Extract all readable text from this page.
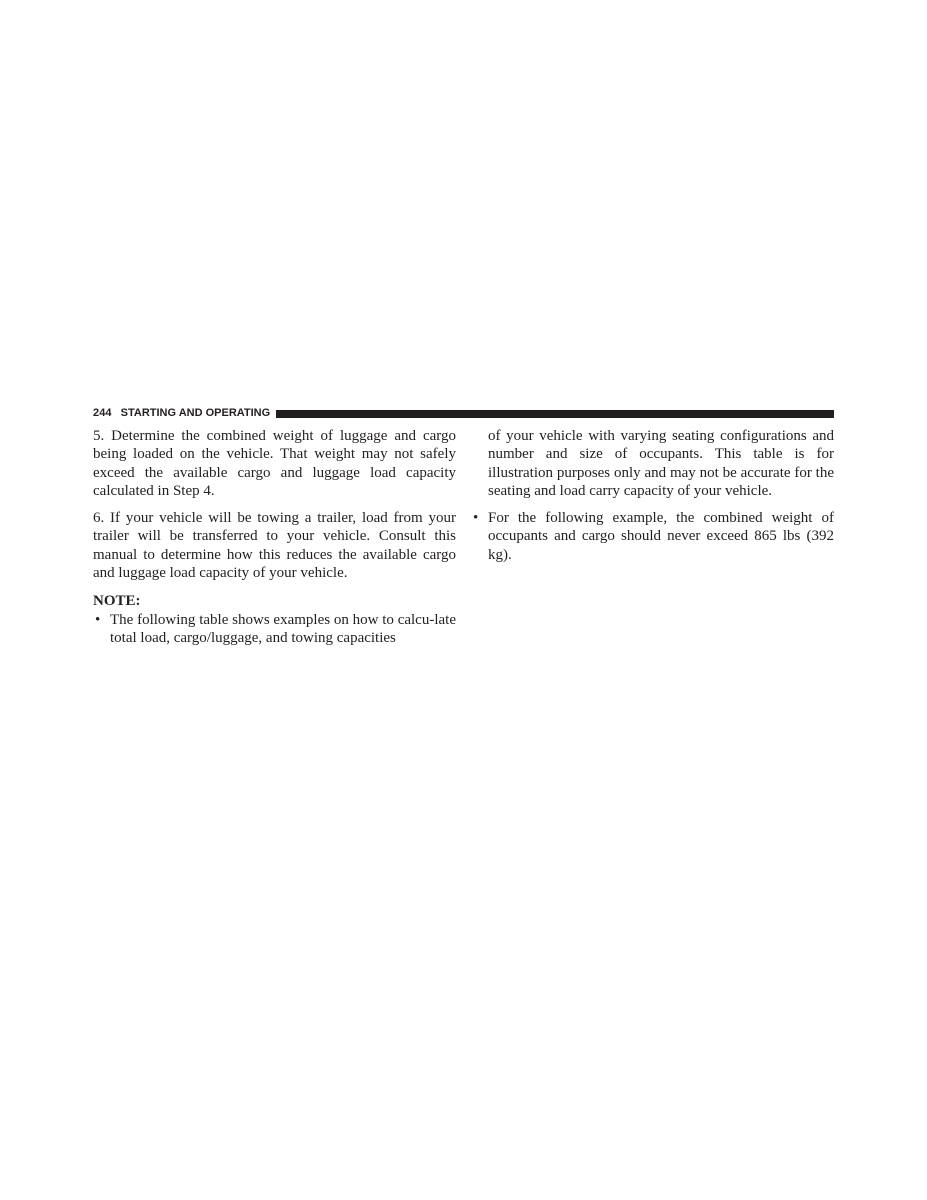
244 STARTING AND OPERATING

5. Determine the combined weight of luggage and cargo being loaded on the vehicle. That weight may not safely exceed the available cargo and luggage load capacity calculated in Step 4.

6. If your vehicle will be towing a trailer, load from your trailer will be transferred to your vehicle. Consult this manual to determine how this reduces the available cargo and luggage load capacity of your vehicle.

NOTE:

• The following table shows examples on how to calcu-late total load, cargo/luggage, and towing capacities

of your vehicle with varying seating configurations and number and size of occupants. This table is for illustration purposes only and may not be accurate for the seating and load carry capacity of your vehicle.

• For the following example, the combined weight of occupants and cargo should never exceed 865 lbs (392 kg).
